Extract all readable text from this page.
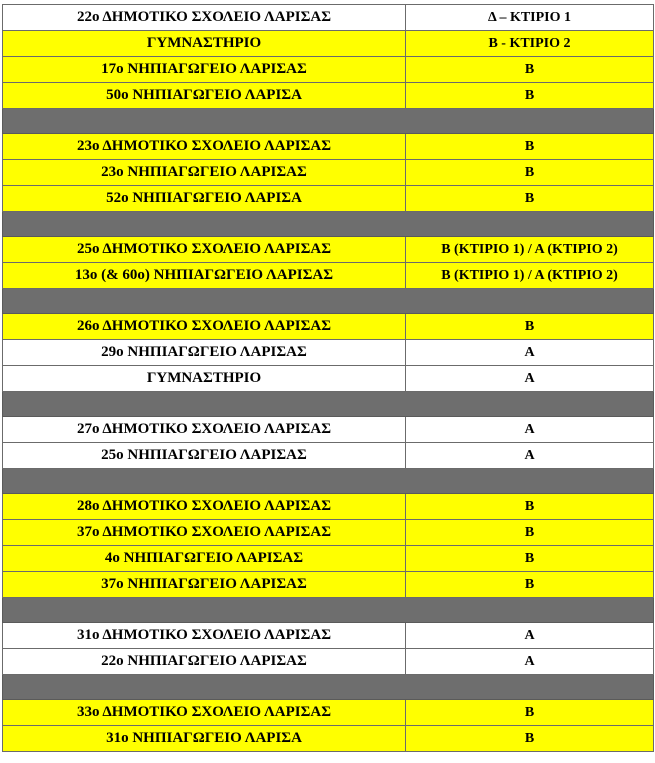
22ο ΔΗΜΟΤΙΚΟ ΣΧΟΛΕΙΟ ΛΑΡΙΣΑΣ	Δ – ΚΤΙΡΙΟ 1
ΓΥΜΝΑΣΤΗΡΙΟ	Β - ΚΤΙΡΙΟ 2
17ο ΝΗΠΙΑΓΩΓΕΙΟ ΛΑΡΙΣΑΣ	Β
50ο ΝΗΠΙΑΓΩΓΕΙΟ ΛΑΡΙΣΑ	Β

23ο ΔΗΜΟΤΙΚΟ ΣΧΟΛΕΙΟ ΛΑΡΙΣΑΣ	Β
23ο ΝΗΠΙΑΓΩΓΕΙΟ ΛΑΡΙΣΑΣ	Β
52ο ΝΗΠΙΑΓΩΓΕΙΟ ΛΑΡΙΣΑ	Β

25ο ΔΗΜΟΤΙΚΟ ΣΧΟΛΕΙΟ ΛΑΡΙΣΑΣ	Β (ΚΤΙΡΙΟ 1) / Α (ΚΤΙΡΙΟ 2)
13ο (& 60ο) ΝΗΠΙΑΓΩΓΕΙΟ ΛΑΡΙΣΑΣ	Β (ΚΤΙΡΙΟ 1) / Α (ΚΤΙΡΙΟ 2)

26ο ΔΗΜΟΤΙΚΟ ΣΧΟΛΕΙΟ ΛΑΡΙΣΑΣ	Β
29ο ΝΗΠΙΑΓΩΓΕΙΟ ΛΑΡΙΣΑΣ	Α
ΓΥΜΝΑΣΤΗΡΙΟ	Α

27ο ΔΗΜΟΤΙΚΟ ΣΧΟΛΕΙΟ ΛΑΡΙΣΑΣ	Α
25ο ΝΗΠΙΑΓΩΓΕΙΟ ΛΑΡΙΣΑΣ	Α

28ο ΔΗΜΟΤΙΚΟ ΣΧΟΛΕΙΟ ΛΑΡΙΣΑΣ	Β
37ο ΔΗΜΟΤΙΚΟ ΣΧΟΛΕΙΟ ΛΑΡΙΣΑΣ	Β
4ο ΝΗΠΙΑΓΩΓΕΙΟ ΛΑΡΙΣΑΣ	Β
37ο ΝΗΠΙΑΓΩΓΕΙΟ ΛΑΡΙΣΑΣ	Β

31ο ΔΗΜΟΤΙΚΟ ΣΧΟΛΕΙΟ ΛΑΡΙΣΑΣ	Α
22ο ΝΗΠΙΑΓΩΓΕΙΟ ΛΑΡΙΣΑΣ	Α

33ο ΔΗΜΟΤΙΚΟ ΣΧΟΛΕΙΟ ΛΑΡΙΣΑΣ	Β
31ο ΝΗΠΙΑΓΩΓΕΙΟ ΛΑΡΙΣΑ	Β
